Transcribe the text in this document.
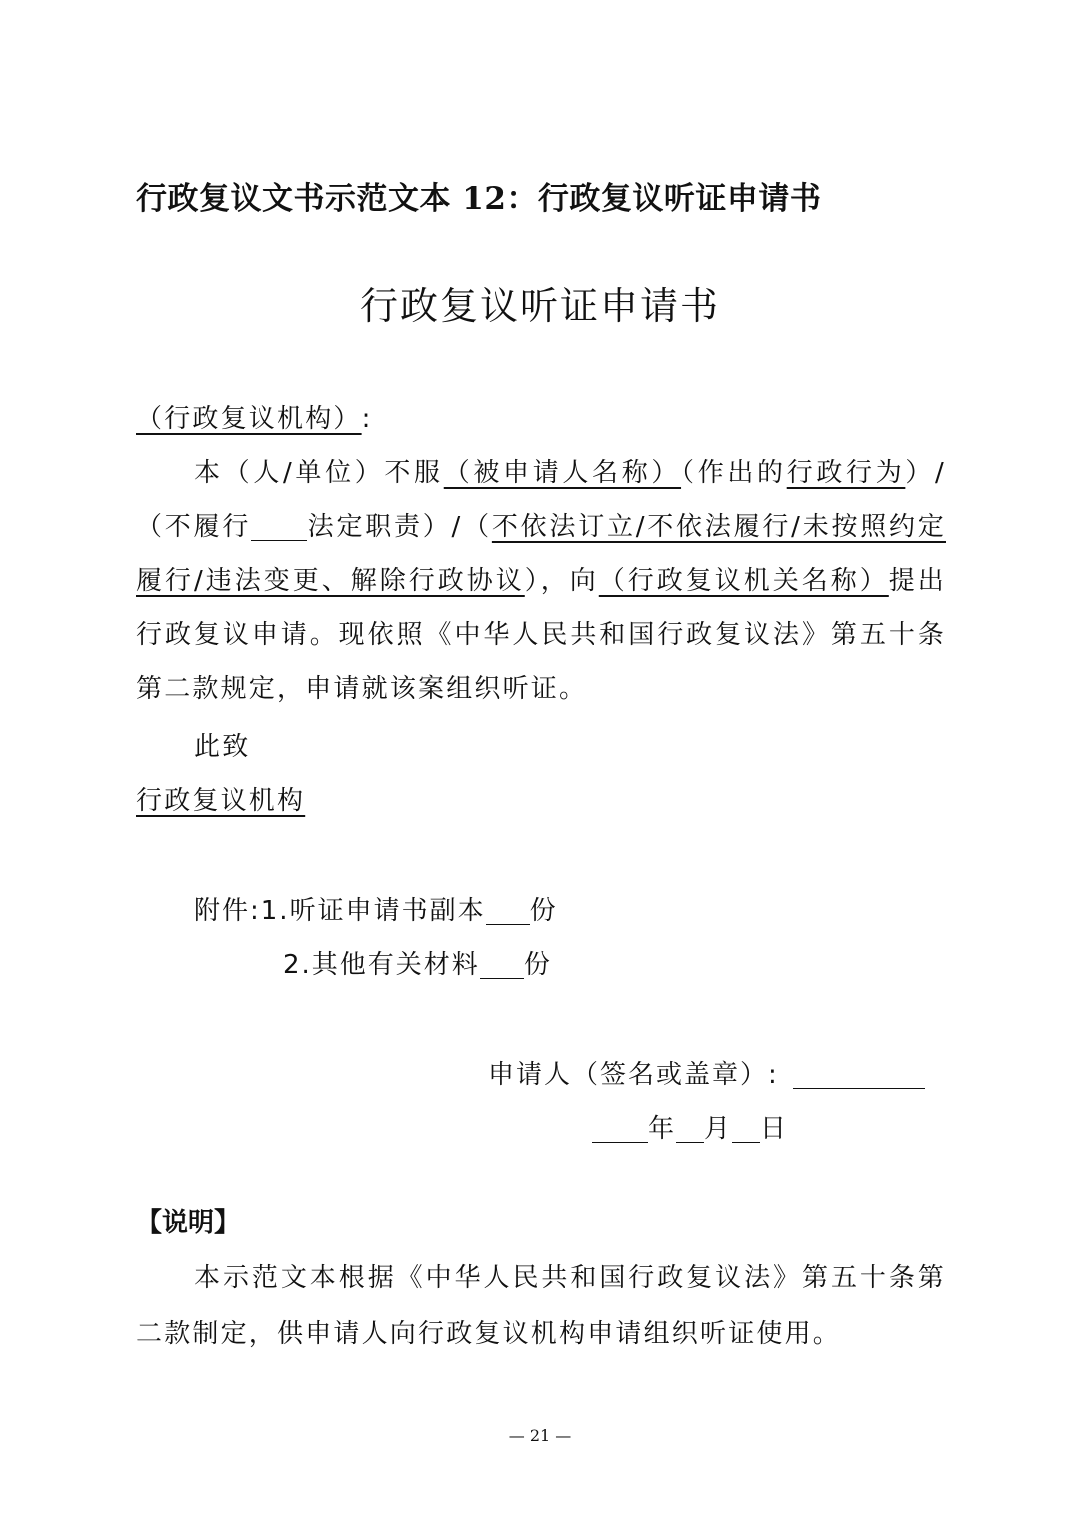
行政复议文书示范文本 12：行政复议听证申请书
行政复议听证申请书
（行政复议机构）:
本（人/单位）不服（被申请人名称）（作出的行政行为）/（不履行 法定职责）/（不依法订立/不依法履行/未按照约定履行/违法变更、解除行政协议），向（行政复议机关名称）提出行政复议申请。现依照《中华人民共和国行政复议法》第五十条第二款规定，申请就该案组织听证。
此致
行政复议机构
附件:1.听证申请书副本 份
2.其他有关材料 份
申请人（签名或盖章）:
年 月 日
【说明】
本示范文本根据《中华人民共和国行政复议法》第五十条第二款制定，供申请人向行政复议机构申请组织听证使用。
— 21 —
